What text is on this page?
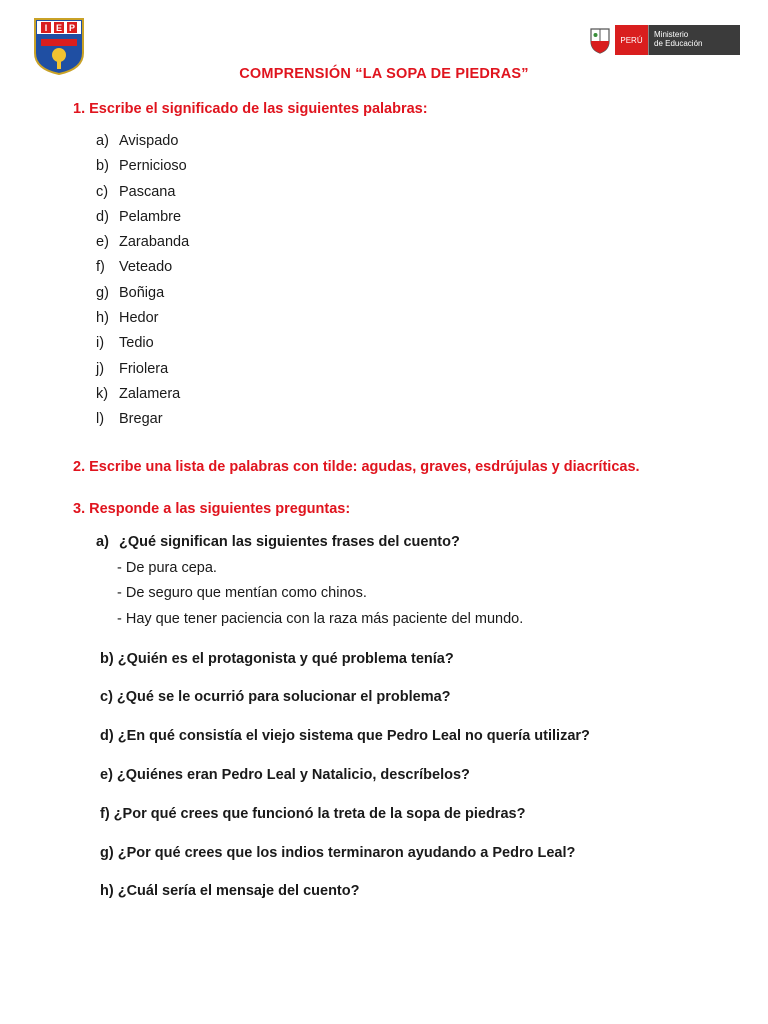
I E P
PERÚ
Ministerio
de Educación
COMPRENSIÓN “LA SOPA DE PIEDRAS”
1. Escribe el significado de las siguientes palabras:
a) Avispado
b) Pernicioso
c) Pascana
d) Pelambre
e) Zarabanda
f) Veteado
g) Boñiga
h) Hedor
i)	Tedio
j)	Friolera
k) Zalamera
l)	Bregar
2. Escribe una lista de palabras con tilde: agudas, graves, esdrújulas y diacríticas.
3. Responde a las siguientes preguntas:
a) ¿Qué significan las siguientes frases del cuento?
- De pura cepa.
- De seguro que mentían como chinos.
- Hay que tener paciencia con la raza más paciente del mundo.
b) ¿Quién es el protagonista y qué problema tenía?
c) ¿Qué se le ocurrió para solucionar el problema?
d) ¿En qué consistía el viejo sistema que Pedro Leal no quería utilizar?
e) ¿Quiénes eran Pedro Leal y Natalicio, descríbelos?
f) ¿Por qué crees que funcionó la treta de la sopa de piedras?
g) ¿Por qué crees que los indios terminaron ayudando a Pedro Leal?
h) ¿Cuál sería el mensaje del cuento?
